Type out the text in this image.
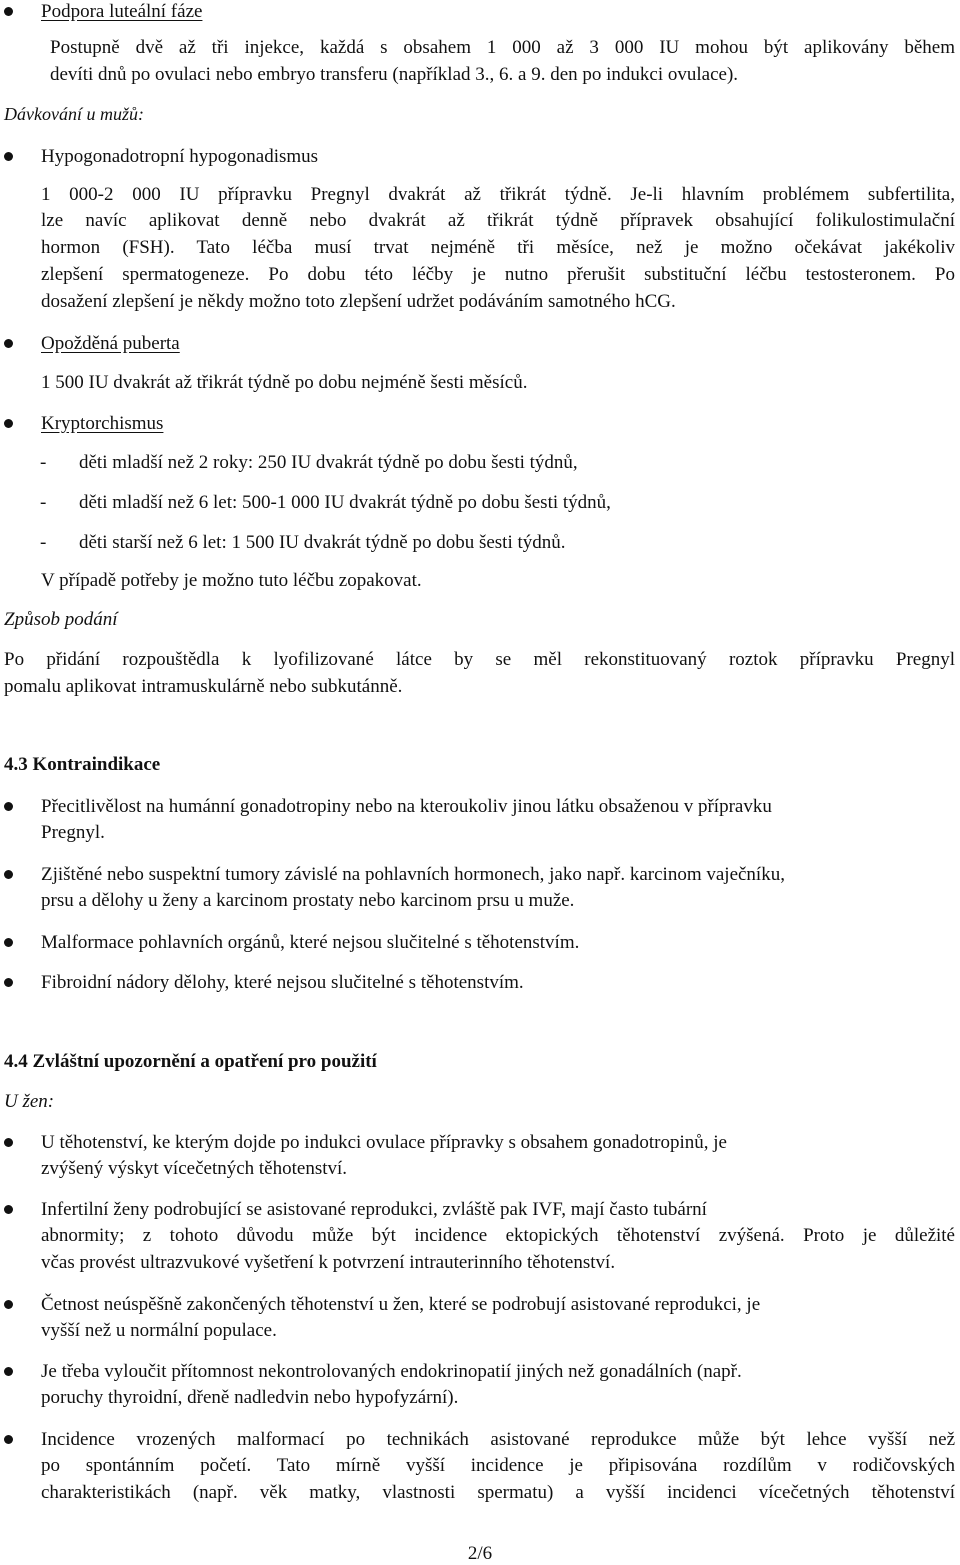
Podpora luteální fáze
Postupně dvě až tři injekce, každá s obsahem 1 000 až 3 000 IU mohou být aplikovány během
devíti dnů po ovulaci nebo embryo transferu (například 3., 6. a 9. den po indukci ovulace).
Dávkování u mužů:
Hypogonadotropní hypogonadismus
1 000-2 000 IU přípravku Pregnyl dvakrát až třikrát týdně. Je-li hlavním problémem subfertilita,
lze navíc aplikovat denně nebo dvakrát až třikrát týdně přípravek obsahující folikulostimulační
hormon (FSH). Tato léčba musí trvat nejméně tři měsíce, než je možno očekávat jakékoliv
zlepšení spermatogeneze. Po dobu této léčby je nutno přerušit substituční léčbu testosteronem. Po
dosažení zlepšení je někdy možno toto zlepšení udržet podáváním samotného hCG.
Opožděná puberta
1 500 IU dvakrát až třikrát týdně po dobu nejméně šesti měsíců.
Kryptorchismus
- děti mladší než 2 roky: 250 IU dvakrát týdně po dobu šesti týdnů,
- děti mladší než 6 let: 500-1 000 IU dvakrát týdně po dobu šesti týdnů,
- děti starší než 6 let: 1 500 IU dvakrát týdně po dobu šesti týdnů.
V případě potřeby je možno tuto léčbu zopakovat.
Způsob podání
Po přidání rozpouštědla k lyofilizované látce by se měl rekonstituovaný roztok přípravku Pregnyl
pomalu aplikovat intramuskulárně nebo subkutánně.
4.3 Kontraindikace
Přecitlivělost na humánní gonadotropiny nebo na kteroukoliv jinou látku obsaženou v přípravku
Pregnyl.
Zjištěné nebo suspektní tumory závislé na pohlavních hormonech, jako např. karcinom vaječníku,
prsu a dělohy u ženy a karcinom prostaty nebo karcinom prsu u muže.
Malformace pohlavních orgánů, které nejsou slučitelné s těhotenstvím.
Fibroidní nádory dělohy, které nejsou slučitelné s těhotenstvím.
4.4 Zvláštní upozornění a opatření pro použití
U žen:
U těhotenství, ke kterým dojde po indukci ovulace přípravky s obsahem gonadotropinů, je
zvýšený výskyt vícečetných těhotenství.
Infertilní ženy podrobující se asistované reprodukci, zvláště pak IVF, mají často tubární
abnormity; z tohoto důvodu může být incidence ektopických těhotenství zvýšená. Proto je důležité
včas provést ultrazvukové vyšetření k potvrzení intrauterinního těhotenství.
Četnost neúspěšně zakončených těhotenství u žen, které se podrobují asistované reprodukci, je
vyšší než u normální populace.
Je třeba vyloučit přítomnost nekontrolovaných endokrinopatií jiných než gonadálních (např.
poruchy thyroidní, dřeně nadledvin nebo hypofyzární).
Incidence vrozených malformací po technikách asistované reprodukce může být lehce vyšší než
po spontánním početí. Tato mírně vyšší incidence je připisována rozdílům v rodičovských
charakteristikách (např. věk matky, vlastnosti spermatu) a vyšší incidenci vícečetných těhotenství
2/6
